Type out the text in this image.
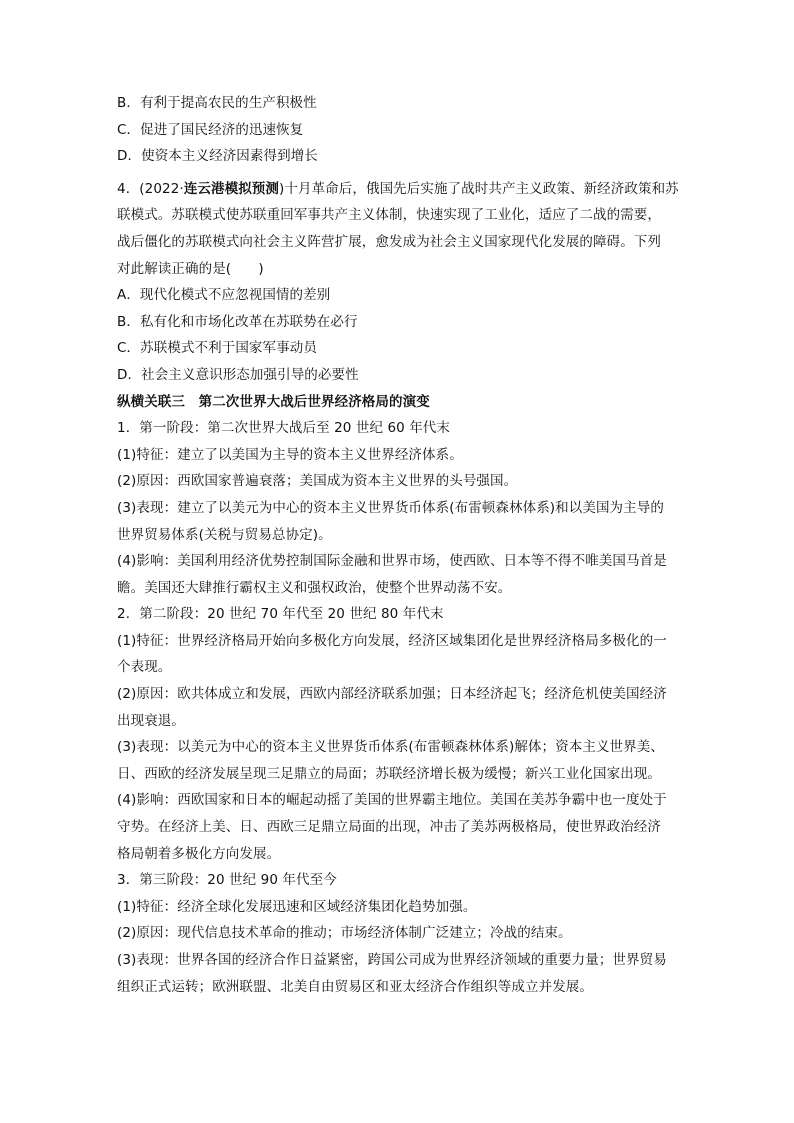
B．有利于提高农民的生产积极性
C．促进了国民经济的迅速恢复
D．使资本主义经济因素得到增长
4．(2022·连云港模拟预测)十月革命后，俄国先后实施了战时共产主义政策、新经济政策和苏
联模式。苏联模式使苏联重回军事共产主义体制，快速实现了工业化，适应了二战的需要，
战后僵化的苏联模式向社会主义阵营扩展，愈发成为社会主义国家现代化发展的障碍。下列
对此解读正确的是(　　)
A．现代化模式不应忽视国情的差别
B．私有化和市场化改革在苏联势在必行
C．苏联模式不利于国家军事动员
D．社会主义意识形态加强引导的必要性
纵横关联三　第二次世界大战后世界经济格局的演变
1．第一阶段：第二次世界大战后至 20 世纪 60 年代末
(1)特征：建立了以美国为主导的资本主义世界经济体系。
(2)原因：西欧国家普遍衰落；美国成为资本主义世界的头号强国。
(3)表现：建立了以美元为中心的资本主义世界货币体系(布雷顿森林体系)和以美国为主导的
世界贸易体系(关税与贸易总协定)。
(4)影响：美国利用经济优势控制国际金融和世界市场，使西欧、日本等不得不唯美国马首是
瞻。美国还大肆推行霸权主义和强权政治，使整个世界动荡不安。
2．第二阶段：20 世纪 70 年代至 20 世纪 80 年代末
(1)特征：世界经济格局开始向多极化方向发展，经济区域集团化是世界经济格局多极化的一
个表现。
(2)原因：欧共体成立和发展，西欧内部经济联系加强；日本经济起飞；经济危机使美国经济
出现衰退。
(3)表现：以美元为中心的资本主义世界货币体系(布雷顿森林体系)解体；资本主义世界美、
日、西欧的经济发展呈现三足鼎立的局面；苏联经济增长极为缓慢；新兴工业化国家出现。
(4)影响：西欧国家和日本的崛起动摇了美国的世界霸主地位。美国在美苏争霸中也一度处于
守势。在经济上美、日、西欧三足鼎立局面的出现，冲击了美苏两极格局，使世界政治经济
格局朝着多极化方向发展。
3．第三阶段：20 世纪 90 年代至今
(1)特征：经济全球化发展迅速和区域经济集团化趋势加强。
(2)原因：现代信息技术革命的推动；市场经济体制广泛建立；冷战的结束。
(3)表现：世界各国的经济合作日益紧密，跨国公司成为世界经济领域的重要力量；世界贸易
组织正式运转；欧洲联盟、北美自由贸易区和亚太经济合作组织等成立并发展。
